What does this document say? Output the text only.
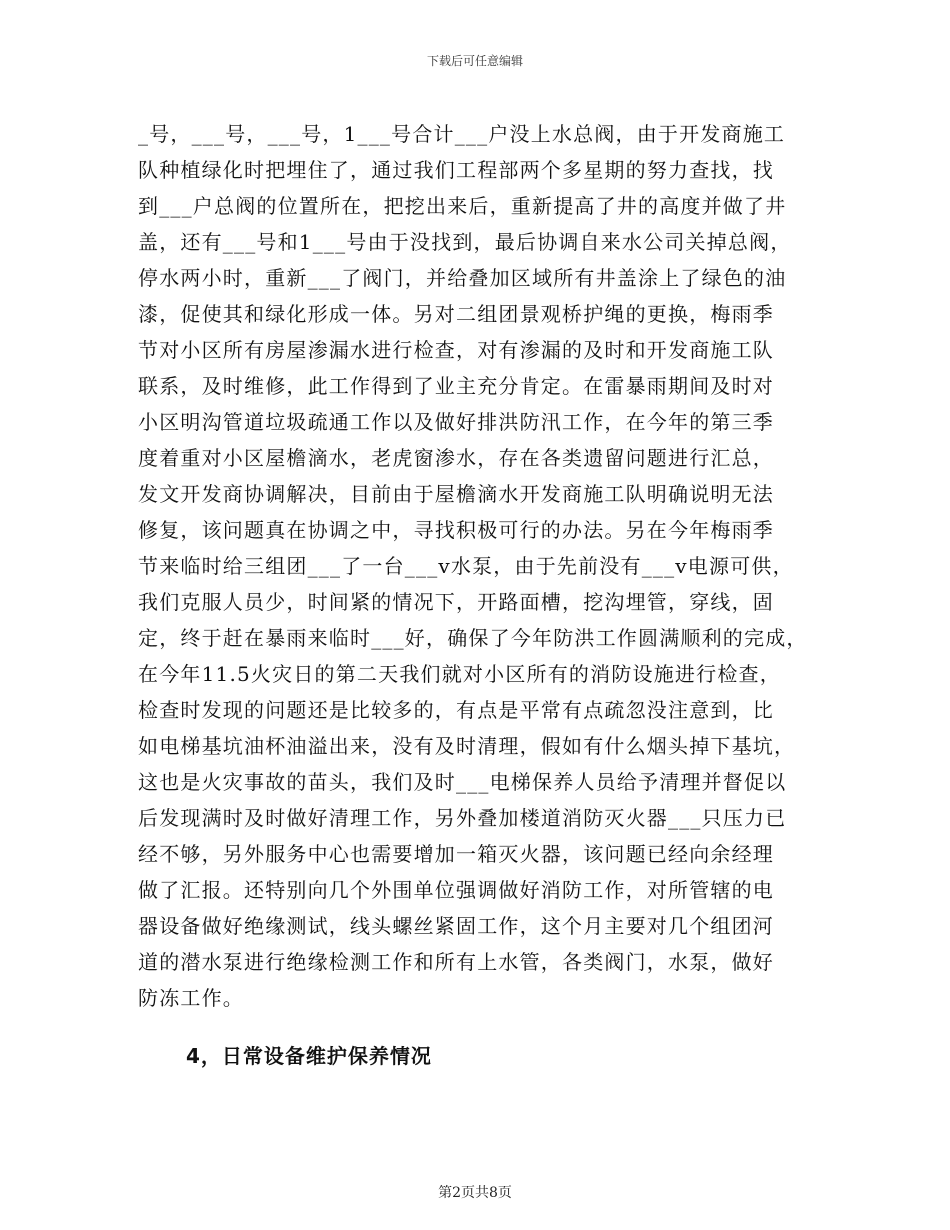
下载后可任意编辑
_号，___号，___号，1___号合计___户没上水总阀，由于开发商施工
队种植绿化时把埋住了，通过我们工程部两个多星期的努力查找，找
到___户总阀的位置所在，把挖出来后，重新提高了井的高度并做了井
盖，还有___号和1___号由于没找到，最后协调自来水公司关掉总阀，
停水两小时，重新___了阀门，并给叠加区域所有井盖涂上了绿色的油
漆，促使其和绿化形成一体。另对二组团景观桥护绳的更换，梅雨季
节对小区所有房屋渗漏水进行检查，对有渗漏的及时和开发商施工队
联系，及时维修，此工作得到了业主充分肯定。在雷暴雨期间及时对
小区明沟管道垃圾疏通工作以及做好排洪防汛工作，在今年的第三季
度着重对小区屋檐滴水，老虎窗渗水，存在各类遗留问题进行汇总，
发文开发商协调解决，目前由于屋檐滴水开发商施工队明确说明无法
修复，该问题真在协调之中，寻找积极可行的办法。另在今年梅雨季
节来临时给三组团___了一台___v水泵，由于先前没有___v电源可供，
我们克服人员少，时间紧的情况下，开路面槽，挖沟埋管，穿线，固
定，终于赶在暴雨来临时___好，确保了今年防洪工作圆满顺利的完成，
在今年11.5火灾日的第二天我们就对小区所有的消防设施进行检查，
检查时发现的问题还是比较多的，有点是平常有点疏忽没注意到，比
如电梯基坑油杯油溢出来，没有及时清理，假如有什么烟头掉下基坑，
这也是火灾事故的苗头，我们及时___电梯保养人员给予清理并督促以
后发现满时及时做好清理工作，另外叠加楼道消防灭火器___只压力已
经不够，另外服务中心也需要增加一箱灭火器，该问题已经向余经理
做了汇报。还特别向几个外围单位强调做好消防工作，对所管辖的电
器设备做好绝缘测试，线头螺丝紧固工作，这个月主要对几个组团河
道的潜水泵进行绝缘检测工作和所有上水管，各类阀门，水泵，做好
防冻工作。
4，日常设备维护保养情况
第2页共8页
